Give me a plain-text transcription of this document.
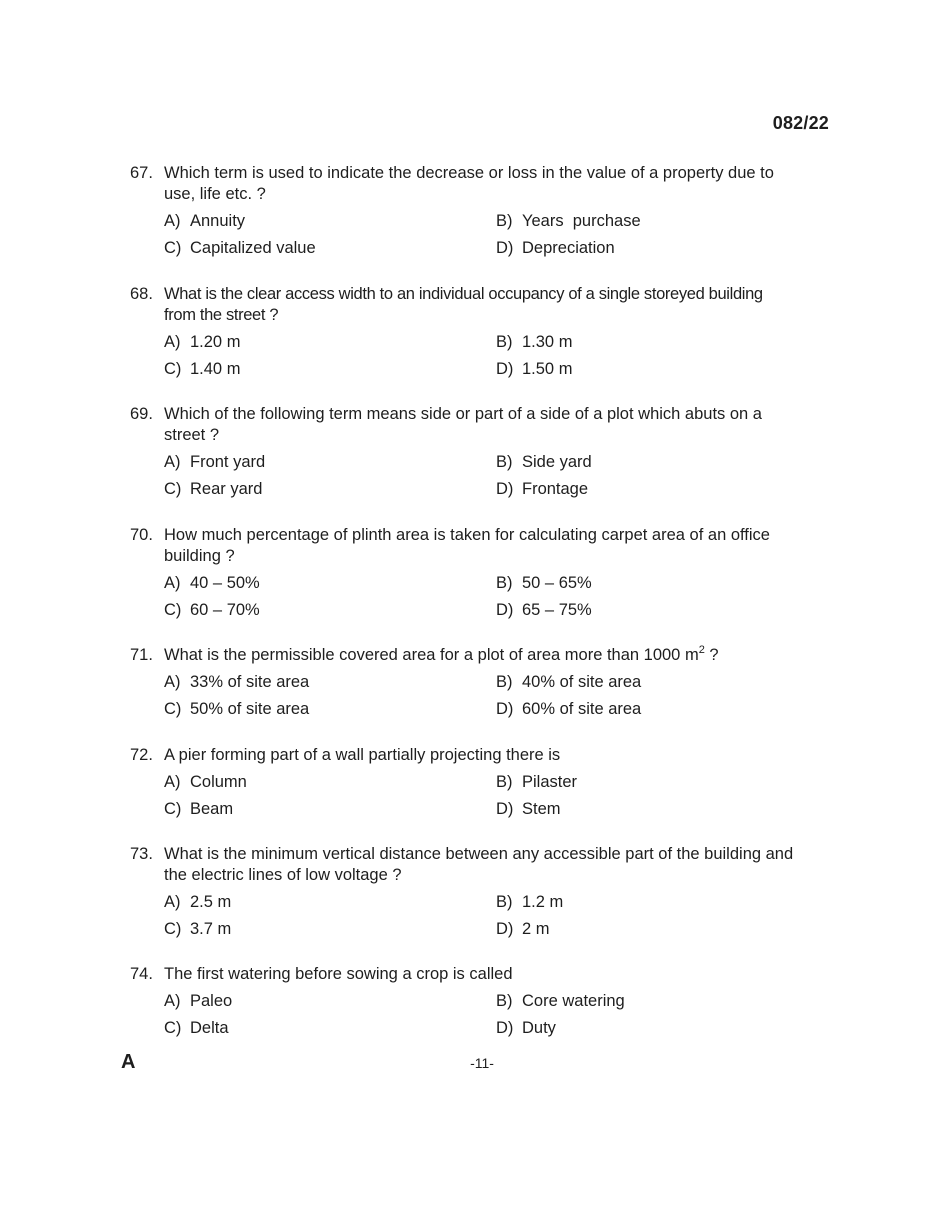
082/22
67. Which term is used to indicate the decrease or loss in the value of a property due to use, life etc. ?
A) Annuity	B) Years  purchase
C) Capitalized value	D) Depreciation
68. What is the clear access width to an individual occupancy of a single storeyed building from the street ?
A) 1.20 m	B) 1.30 m
C) 1.40 m	D) 1.50 m
69. Which of the following term means side or part of a side of a plot which abuts on a street ?
A) Front yard	B) Side yard
C) Rear yard	D) Frontage
70. How much percentage of plinth area is taken for calculating carpet area of an office building ?
A) 40 – 50%	B) 50 – 65%
C) 60 – 70%	D) 65 – 75%
71. What is the permissible covered area for a plot of area more than 1000 $m^2$ ?
A) 33% of site area	B) 40% of site area
C) 50% of site area	D) 60% of site area
72. A pier forming part of a wall partially projecting there is
A) Column	B) Pilaster
C) Beam	D) Stem
73. What is the minimum vertical distance between any accessible part of the building and the electric lines of low voltage ?
A) 2.5 m	B) 1.2 m
C) 3.7 m	D) 2 m
74. The first watering before sowing a crop is called
A) Paleo	B) Core watering
C) Delta	D) Duty
A	-11-
